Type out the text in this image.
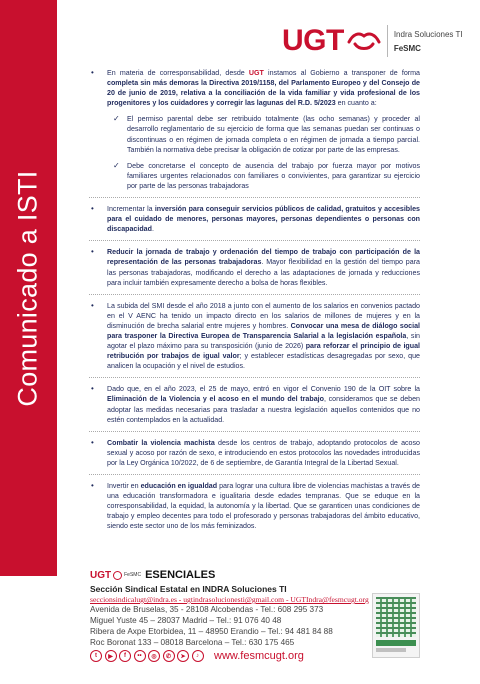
Comunicado a ISTI
UGT	Indra Soluciones TI
FeSMC
• En materia de corresponsabilidad, desde UGT instamos al Gobierno a transponer de forma completa sin más demoras la Directiva 2019/1158, del Parlamento Europeo y del Consejo de 20 de junio de 2019, relativa a la conciliación de la vida familiar y vida profesional de los progenitores y los cuidadores y corregir las lagunas del R.D. 5/2023 en cuanto a:
✓ El permiso parental debe ser retribuido totalmente (las ocho semanas) y proceder al desarrollo reglamentario de su ejercicio de forma que las semanas puedan ser continuas o discontinuas o en régimen de jornada completa o en régimen de jornada a tiempo parcial. También la normativa debe precisar la obligación de cotizar por parte de las empresas.
✓ Debe concretarse el concepto de ausencia del trabajo por fuerza mayor por motivos familiares urgentes relacionados con familiares o convivientes, para garantizar su ejercicio por parte de las personas trabajadoras
• Incrementar la inversión para conseguir servicios públicos de calidad, gratuitos y accesibles para el cuidado de menores, personas mayores, personas dependientes o personas con discapacidad.
• Reducir la jornada de trabajo y ordenación del tiempo de trabajo con participación de la representación de las personas trabajadoras. Mayor flexibilidad en la gestión del tiempo para las personas trabajadoras, modificando el derecho a las adaptaciones de jornada y reducciones para incluir también expresamente derecho a bolsa de horas flexibles.
• La subida del SMI desde el año 2018 a junto con el aumento de los salarios en convenios pactado en el V AENC ha tenido un impacto directo en los salarios de millones de mujeres y en la disminución de brecha salarial entre mujeres y hombres. Convocar una mesa de diálogo social para trasponer la Directiva Europea de Transparencia Salarial a la legislación española, sin agotar el plazo máximo para su transposición (junio de 2026) para reforzar el principio de igual retribución por trabajos de igual valor; y establecer estadísticas desagregadas por sexo, que analicen la ocupación y el nivel de estudios.
• Dado que, en el año 2023, el 25 de mayo, entró en vigor el Convenio 190 de la OIT sobre la Eliminación de la Violencia y el acoso en el mundo del trabajo, consideramos que se deben adoptar las medidas necesarias para trasladar a nuestra legislación aquellos contenidos que no estén contemplados en la actualidad.
• Combatir la violencia machista desde los centros de trabajo, adoptando protocolos de acoso sexual y acoso por razón de sexo, e introduciendo en estos protocolos las novedades introducidas por la Ley Orgánica 10/2022, de 6 de septiembre, de Garantía Integral de la Libertad Sexual.
• Invertir en educación en igualdad para lograr una cultura libre de violencias machistas a través de una educación transformadora e igualitaria desde edades tempranas. Que se eduque en la corresponsabilidad, la equidad, la autonomía y la libertad. Que se garanticen unas condiciones de trabajo y empleo decentes para todo el profesorado y personas trabajadoras del ámbito educativo, siendo este sector uno de los más feminizados.
UGT	FeSMC ESENCIALES
Sección Sindical Estatal en INDRA Soluciones TI
seccionsindicalugt@indra.es - ugtindrasolucionesti@gmail.com - UGTIndra@fesmcugt.org
Avenida de Bruselas, 35 - 28108 Alcobendas - Tel.: 608 295 373
Miguel Yuste 45 – 28037 Madrid – Tel.: 91 076 40 48
Ribera de Axpe Etorbidea, 11 – 48950 Erandio – Tel.: 94 481 84 88
Roc Boronat 133 – 08018 Barcelona – Tel.: 630 175 465
t	▶	f	••	◎	✆	➤	♪	www.fesmcugt.org
